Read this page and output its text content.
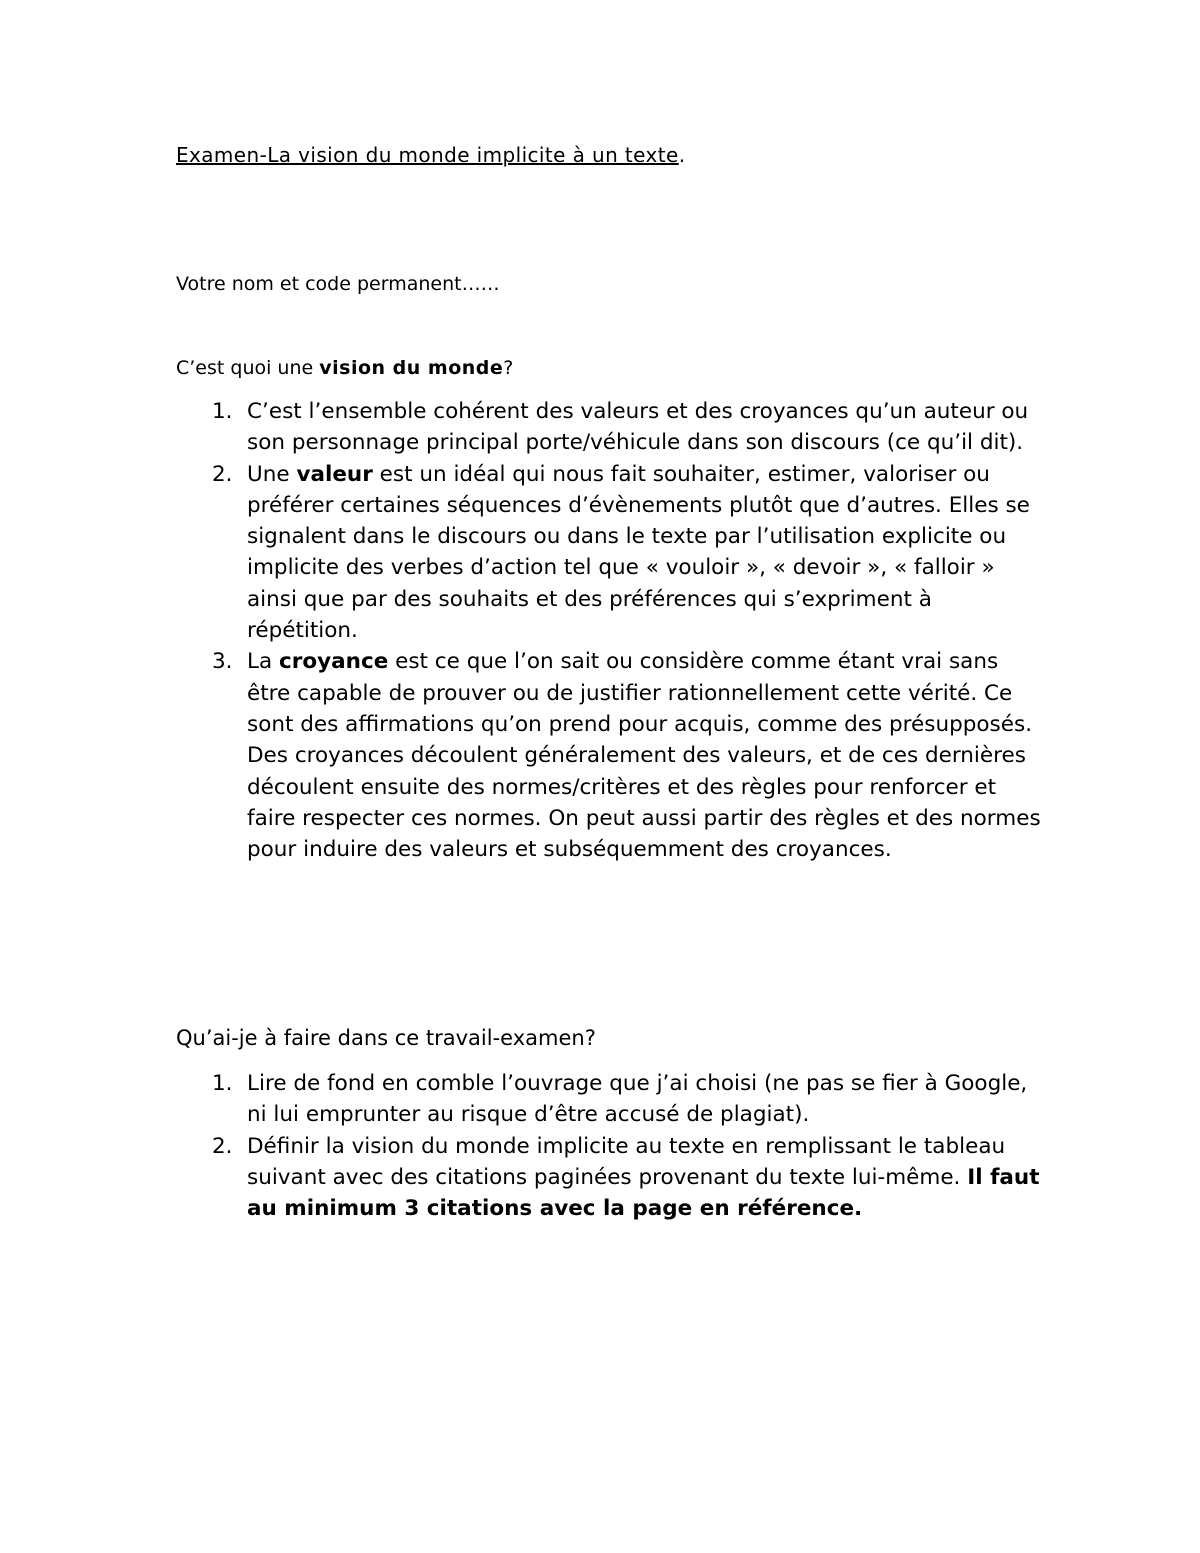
Examen-La vision du monde implicite à un texte.
Votre nom et code permanent……
C’est quoi une vision du monde?
1. C’est l’ensemble cohérent des valeurs et des croyances qu’un auteur ou son personnage principal porte/véhicule dans son discours (ce qu’il dit).
2. Une valeur est un idéal qui nous fait souhaiter, estimer, valoriser ou préférer certaines séquences d’évènements plutôt que d’autres. Elles se signalent dans le discours ou dans le texte par l’utilisation explicite ou implicite des verbes d’action tel que « vouloir », « devoir », « falloir » ainsi que par des souhaits et des préférences qui s’expriment à répétition.
3. La croyance est ce que l’on sait ou considère comme étant vrai sans être capable de prouver ou de justifier rationnellement cette vérité. Ce sont des affirmations qu’on prend pour acquis, comme des présupposés. Des croyances découlent généralement des valeurs, et de ces dernières découlent ensuite des normes/critères et des règles pour renforcer et faire respecter ces normes. On peut aussi partir des règles et des normes pour induire des valeurs et subséquemment des croyances.
Qu’ai-je à faire dans ce travail-examen?
1. Lire de fond en comble l’ouvrage que j’ai choisi (ne pas se fier à Google, ni lui emprunter au risque d’être accusé de plagiat).
2. Définir la vision du monde implicite au texte en remplissant le tableau suivant avec des citations paginées provenant du texte lui-même. Il faut au minimum 3 citations avec la page en référence.
